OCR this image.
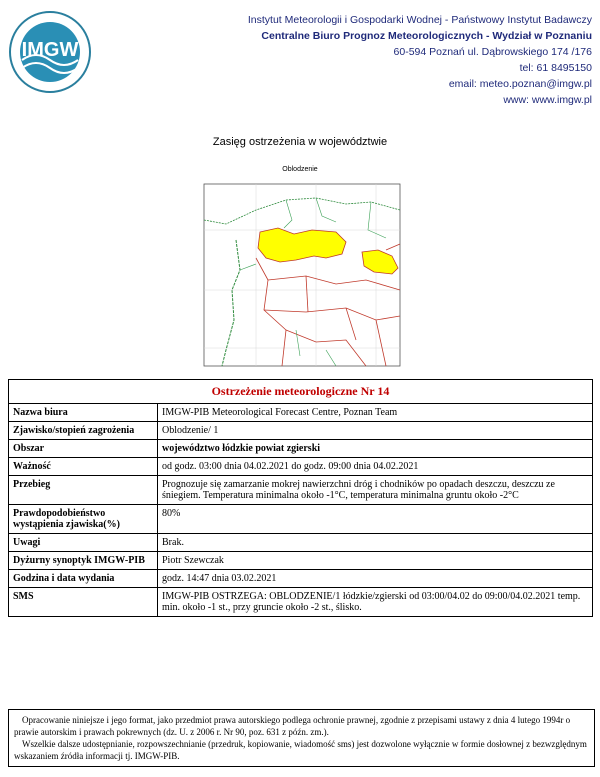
IMGW
Instytut Meteorologii i Gospodarki Wodnej - Państwowy Instytut Badawczy
Centralne Biuro Prognoz Meteorologicznych - Wydział w Poznaniu
60-594 Poznań ul. Dąbrowskiego 174 /176
tel: 61 8495150
email: meteo.poznan@imgw.pl
www: www.imgw.pl
Zasięg ostrzeżenia w województwie
Oblodzenie
Ostrzeżenie meteorologiczne Nr 14	
Nazwa biura	IMGW-PIB Meteorological Forecast Centre, Poznan Team
Zjawisko/stopień zagrożenia	Oblodzenie/ 1
Obszar	województwo łódzkie powiat zgierski
Ważność	od godz. 03:00 dnia 04.02.2021 do godz. 09:00 dnia 04.02.2021
Przebieg	Prognozuje się zamarzanie mokrej nawierzchni dróg i chodników po opadach deszczu, deszczu ze śniegiem. Temperatura minimalna około -1°C, temperatura minimalna gruntu około -2°C
Prawdopodobieństwo wystąpienia zjawiska(%)	80%
Uwagi	Brak.
Dyżurny synoptyk IMGW-PIB	Piotr Szewczak
Godzina i data wydania	godz. 14:47 dnia 03.02.2021
SMS	IMGW-PIB OSTRZEGA: OBLODZENIE/1 łódzkie/zgierski od 03:00/04.02 do 09:00/04.02.2021 temp. min. około -1 st., przy gruncie około -2 st., ślisko.

Opracowanie niniejsze i jego format, jako przedmiot prawa autorskiego podlega ochronie prawnej, zgodnie z przepisami ustawy z dnia 4 lutego 1994r o prawie autorskim i prawach pokrewnych (dz. U. z 2006 r. Nr 90, poz. 631 z późn. zm.).

Wszelkie dalsze udostępnianie, rozpowszechnianie (przedruk, kopiowanie, wiadomość sms) jest dozwolone wyłącznie w formie dosłownej z bezwzględnym wskazaniem źródła informacji tj. IMGW-PIB.
